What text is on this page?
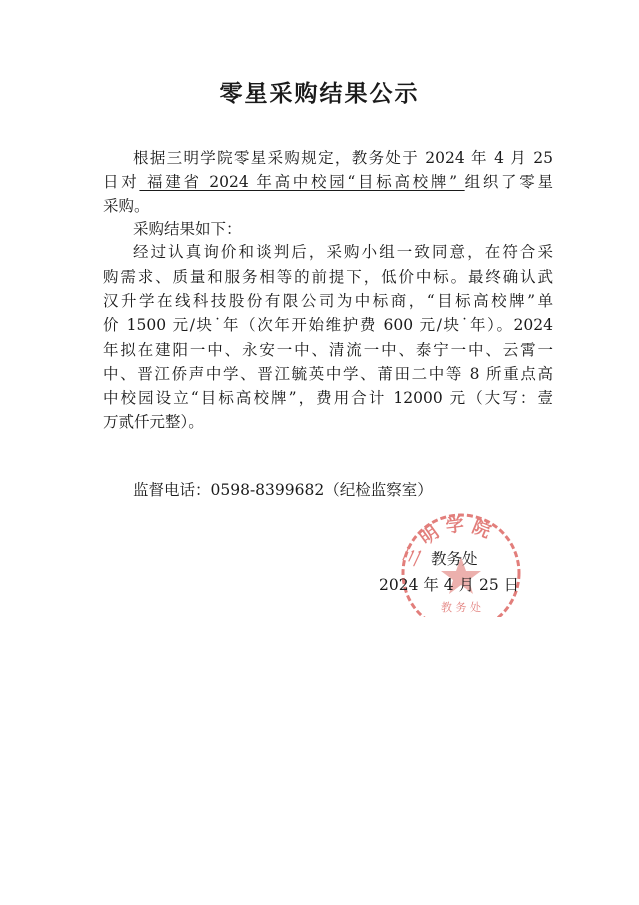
零星采购结果公示
根据三明学院零星采购规定，教务处于 2024 年 4 月 25
日对 福建省 2024 年高中校园“目标高校牌” 组织了零星
采购。
采购结果如下：
经过认真询价和谈判后，采购小组一致同意，在符合采
购需求、质量和服务相等的前提下，低价中标。最终确认武
汉升学在线科技股份有限公司为中标商，“目标高校牌”单
价 1500 元/块˙年（次年开始维护费 600 元/块˙年）。2024
年拟在建阳一中、永安一中、清流一中、泰宁一中、云霄一
中、晋江侨声中学、晋江毓英中学、莆田二中等 8 所重点高
中校园设立“目标高校牌”，费用合计 12000 元（大写：壹
万贰仟元整）。
监督电话：0598-8399682（纪检监察室）
三 明 学 院
教 务 处
教务处
2024 年 4 月 25 日
